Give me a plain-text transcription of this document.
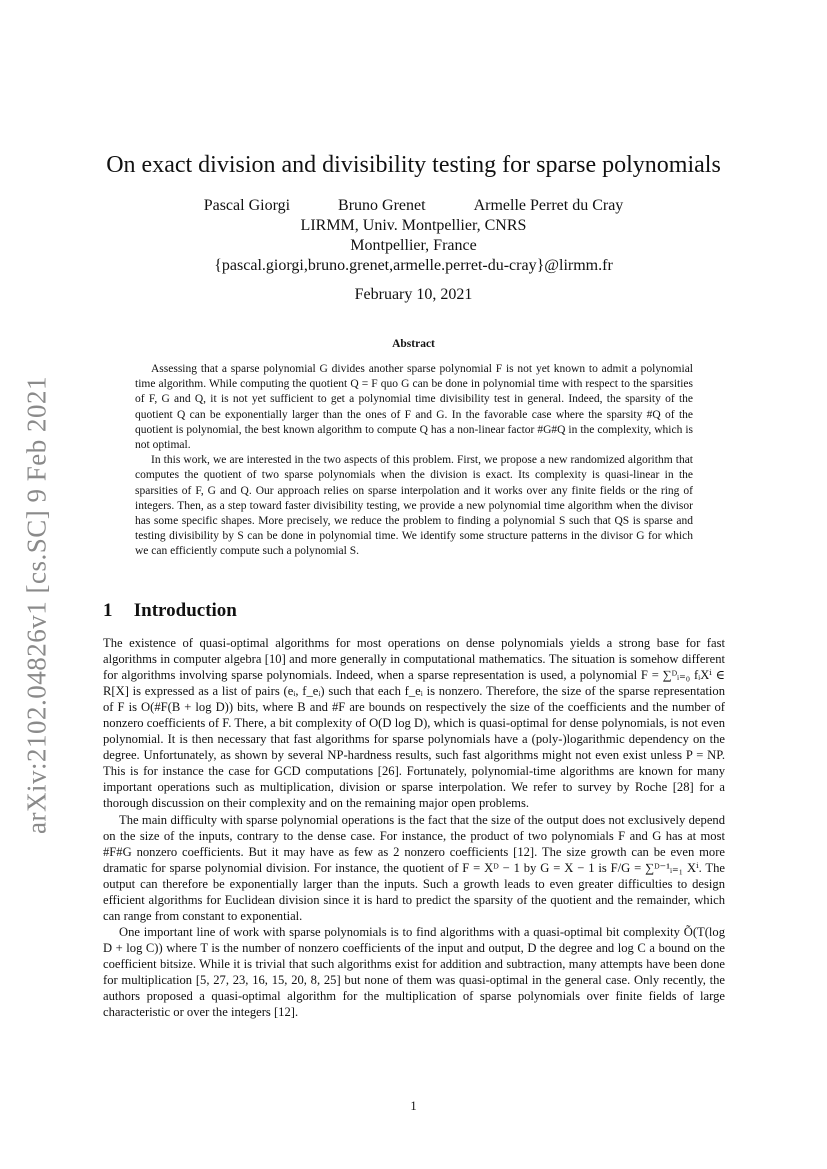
arXiv:2102.04826v1 [cs.SC] 9 Feb 2021
On exact division and divisibility testing for sparse polynomials
Pascal Giorgi	Bruno Grenet	Armelle Perret du Cray
LIRMM, Univ. Montpellier, CNRS
Montpellier, France
{pascal.giorgi,bruno.grenet,armelle.perret-du-cray}@lirmm.fr
February 10, 2021
Abstract

Assessing that a sparse polynomial G divides another sparse polynomial F is not yet known to admit a polynomial time algorithm. While computing the quotient Q = F quo G can be done in polynomial time with respect to the sparsities of F, G and Q, it is not yet sufficient to get a polynomial time divisibility test in general. Indeed, the sparsity of the quotient Q can be exponentially larger than the ones of F and G. In the favorable case where the sparsity #Q of the quotient is polynomial, the best known algorithm to compute Q has a non-linear factor #G#Q in the complexity, which is not optimal.

In this work, we are interested in the two aspects of this problem. First, we propose a new randomized algorithm that computes the quotient of two sparse polynomials when the division is exact. Its complexity is quasi-linear in the sparsities of F, G and Q. Our approach relies on sparse interpolation and it works over any finite fields or the ring of integers. Then, as a step toward faster divisibility testing, we provide a new polynomial time algorithm when the divisor has some specific shapes. More precisely, we reduce the problem to finding a polynomial S such that QS is sparse and testing divisibility by S can be done in polynomial time. We identify some structure patterns in the divisor G for which we can efficiently compute such a polynomial S.

1 Introduction

The existence of quasi-optimal algorithms for most operations on dense polynomials yields a strong base for fast algorithms in computer algebra [10] and more generally in computational mathematics. The situation is somehow different for algorithms involving sparse polynomials. Indeed, when a sparse representation is used, a polynomial F = ∑ᴰᵢ₌₀ fᵢXⁱ ∈ R[X] is expressed as a list of pairs (eᵢ, f_eᵢ) such that each f_eᵢ is nonzero. Therefore, the size of the sparse representation of F is O(#F(B + log D)) bits, where B and #F are bounds on respectively the size of the coefficients and the number of nonzero coefficients of F. There, a bit complexity of O(D log D), which is quasi-optimal for dense polynomials, is not even polynomial. It is then necessary that fast algorithms for sparse polynomials have a (poly-)logarithmic dependency on the degree. Unfortunately, as shown by several NP-hardness results, such fast algorithms might not even exist unless P = NP. This is for instance the case for GCD computations [26]. Fortunately, polynomial-time algorithms are known for many important operations such as multiplication, division or sparse interpolation. We refer to survey by Roche [28] for a thorough discussion on their complexity and on the remaining major open problems.

The main difficulty with sparse polynomial operations is the fact that the size of the output does not exclusively depend on the size of the inputs, contrary to the dense case. For instance, the product of two polynomials F and G has at most #F#G nonzero coefficients. But it may have as few as 2 nonzero coefficients [12]. The size growth can be even more dramatic for sparse polynomial division. For instance, the quotient of F = Xᴰ − 1 by G = X − 1 is F/G = ∑ᴰ⁻¹ᵢ₌₁ Xⁱ. The output can therefore be exponentially larger than the inputs. Such a growth leads to even greater difficulties to design efficient algorithms for Euclidean division since it is hard to predict the sparsity of the quotient and the remainder, which can range from constant to exponential.

One important line of work with sparse polynomials is to find algorithms with a quasi-optimal bit complexity Õ(T(log D + log C)) where T is the number of nonzero coefficients of the input and output, D the degree and log C a bound on the coefficient bitsize. While it is trivial that such algorithms exist for addition and subtraction, many attempts have been done for multiplication [5, 27, 23, 16, 15, 20, 8, 25] but none of them was quasi-optimal in the general case. Only recently, the authors proposed a quasi-optimal algorithm for the multiplication of sparse polynomials over finite fields of large characteristic or over the integers [12].

1
